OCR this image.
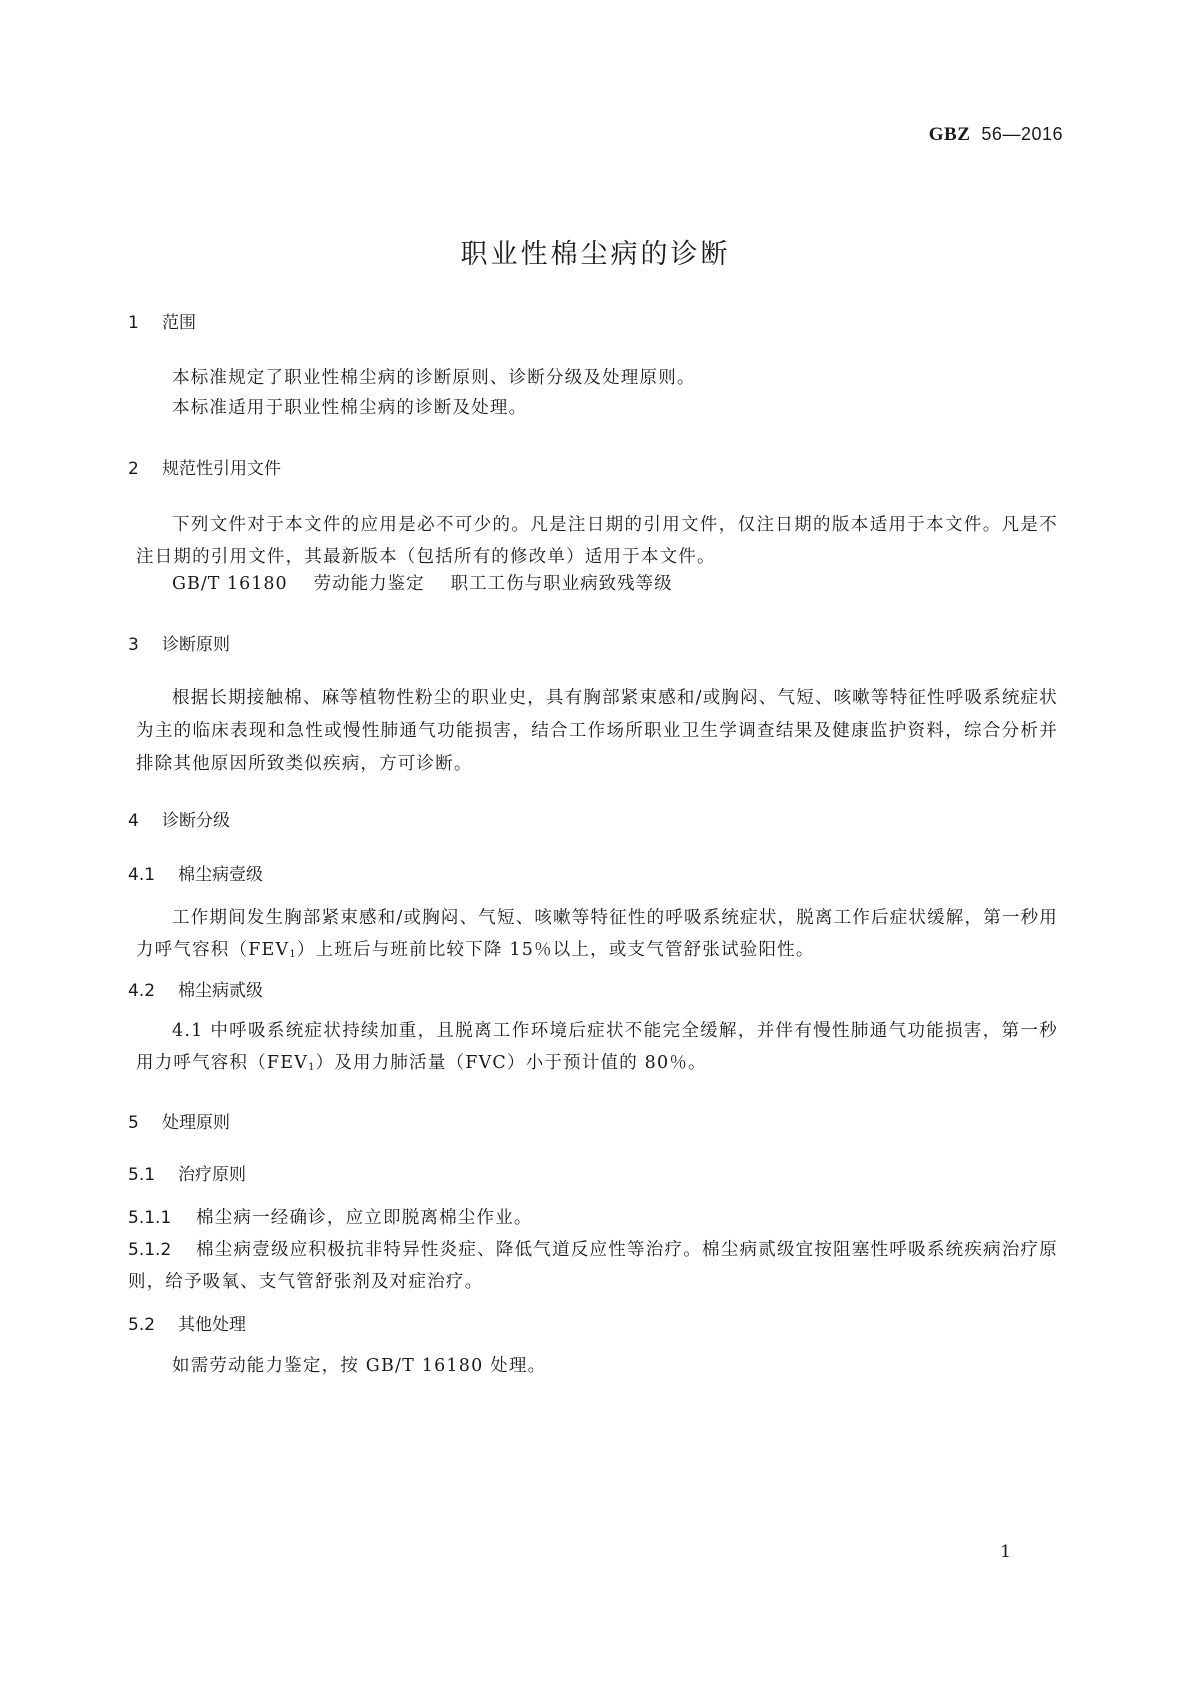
GBZ 56—2016
职业性棉尘病的诊断
1 范围
本标准规定了职业性棉尘病的诊断原则、诊断分级及处理原则。
本标准适用于职业性棉尘病的诊断及处理。
2 规范性引用文件
下列文件对于本文件的应用是必不可少的。凡是注日期的引用文件，仅注日期的版本适用于本文件。凡是不注日期的引用文件，其最新版本（包括所有的修改单）适用于本文件。
GB/T 16180 劳动能力鉴定 职工工伤与职业病致残等级
3 诊断原则
根据长期接触棉、麻等植物性粉尘的职业史，具有胸部紧束感和/或胸闷、气短、咳嗽等特征性呼吸系统症状为主的临床表现和急性或慢性肺通气功能损害，结合工作场所职业卫生学调查结果及健康监护资料，综合分析并排除其他原因所致类似疾病，方可诊断。
4 诊断分级
4.1 棉尘病壹级
工作期间发生胸部紧束感和/或胸闷、气短、咳嗽等特征性的呼吸系统症状，脱离工作后症状缓解，第一秒用力呼气容积$(FEV_1)$上班后与班前比较下降 15％以上，或支气管舒张试验阳性。
4.2 棉尘病贰级
4.1 中呼吸系统症状持续加重，且脱离工作环境后症状不能完全缓解，并伴有慢性肺通气功能损害，第一秒用力呼气容积$(FEV_1)$及用力肺活量（FVC）小于预计值的 80％。
5 处理原则
5.1 治疗原则
5.1.1 棉尘病一经确诊，应立即脱离棉尘作业。
5.1.2 棉尘病壹级应积极抗非特异性炎症、降低气道反应性等治疗。棉尘病贰级宜按阻塞性呼吸系统疾病治疗原则，给予吸氧、支气管舒张剂及对症治疗。
5.2 其他处理
如需劳动能力鉴定，按 GB/T 16180 处理。
1
